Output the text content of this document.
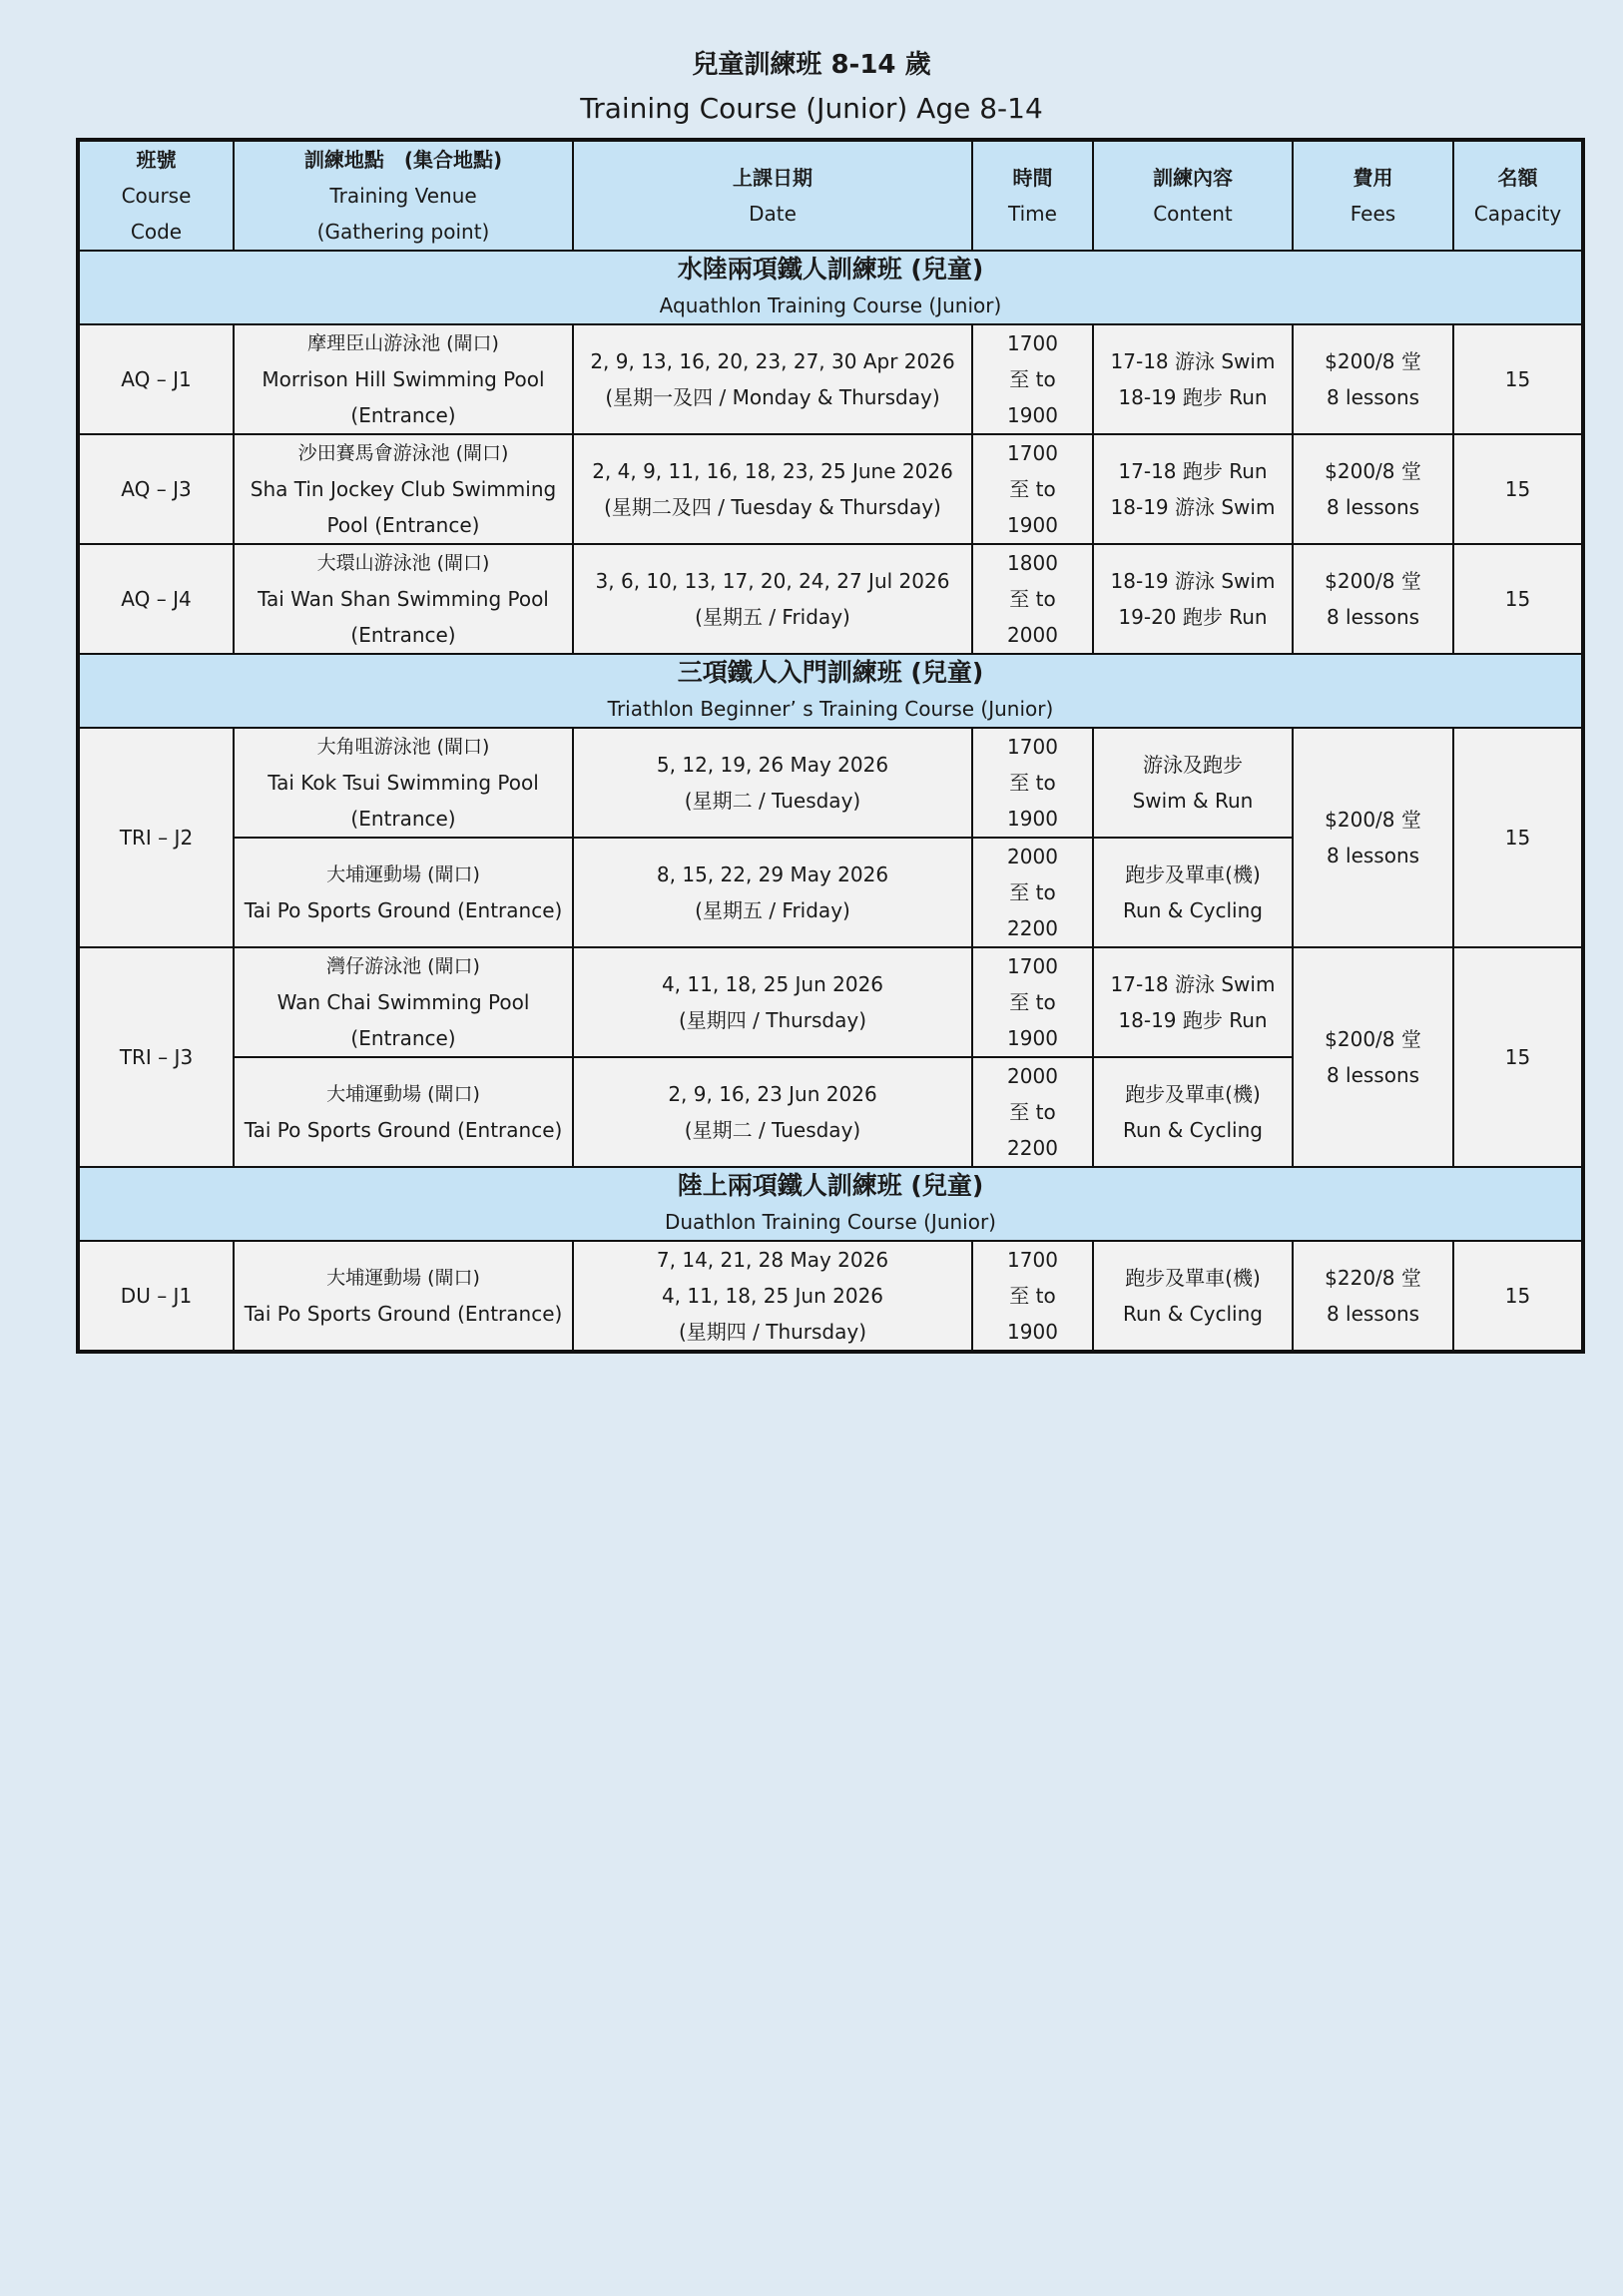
兒童訓練班 8-14 歲
Training Course (Junior) Age 8-14
班號
Course
Code	訓練地點　(集合地點)
Training Venue
(Gathering point)	上課日期
Date	時間
Time	訓練內容
Content	費用
Fees	名額
Capacity

水陸兩項鐵人訓練班 (兒童)
Aquathlon Training Course (Junior)						

AQ – J1	摩理臣山游泳池 (閘口)
Morrison Hill Swimming Pool
(Entrance)	2, 9, 13, 16, 20, 23, 27, 30 Apr 2026
(星期一及四 / Monday & Thursday)	1700
至 to
1900	17-18 游泳 Swim
18-19 跑步 Run	$200/8 堂
8 lessons	15
AQ – J3	沙田賽馬會游泳池 (閘口)
Sha Tin Jockey Club Swimming
Pool (Entrance)	2, 4, 9, 11, 16, 18, 23, 25 June 2026
(星期二及四 / Tuesday & Thursday)	1700
至 to
1900	17-18 跑步 Run
18-19 游泳 Swim	$200/8 堂
8 lessons	15
AQ – J4	大環山游泳池 (閘口)
Tai Wan Shan Swimming Pool
(Entrance)	3, 6, 10, 13, 17, 20, 24, 27 Jul 2026
(星期五 / Friday)	1800
至 to
2000	18-19 游泳 Swim
19-20 跑步 Run	$200/8 堂
8 lessons	15

三項鐵人入門訓練班 (兒童)
Triathlon Beginner’ s Training Course (Junior)						

TRI – J2	大角咀游泳池 (閘口)
Tai Kok Tsui Swimming Pool
(Entrance)	5, 12, 19, 26 May 2026
(星期二 / Tuesday)	1700
至 to
1900	游泳及跑步
Swim & Run	$200/8 堂
8 lessons	15

	大埔運動場 (閘口)
Tai Po Sports Ground (Entrance)	8, 15, 22, 29 May 2026
(星期五 / Friday)	2000
至 to
2200	跑步及單車(機)
Run & Cycling		

TRI – J3	灣仔游泳池 (閘口)
Wan Chai Swimming Pool
(Entrance)	4, 11, 18, 25 Jun 2026
(星期四 / Thursday)	1700
至 to
1900	17-18 游泳 Swim
18-19 跑步 Run	$200/8 堂
8 lessons	15

	大埔運動場 (閘口)
Tai Po Sports Ground (Entrance)	2, 9, 16, 23 Jun 2026
(星期二 / Tuesday)	2000
至 to
2200	跑步及單車(機)
Run & Cycling		

陸上兩項鐵人訓練班 (兒童)
Duathlon Training Course (Junior)						

DU – J1	大埔運動場 (閘口)
Tai Po Sports Ground (Entrance)	7, 14, 21, 28 May 2026
4, 11, 18, 25 Jun 2026
(星期四 / Thursday)	1700
至 to
1900	跑步及單車(機)
Run & Cycling	$220/8 堂
8 lessons	15
